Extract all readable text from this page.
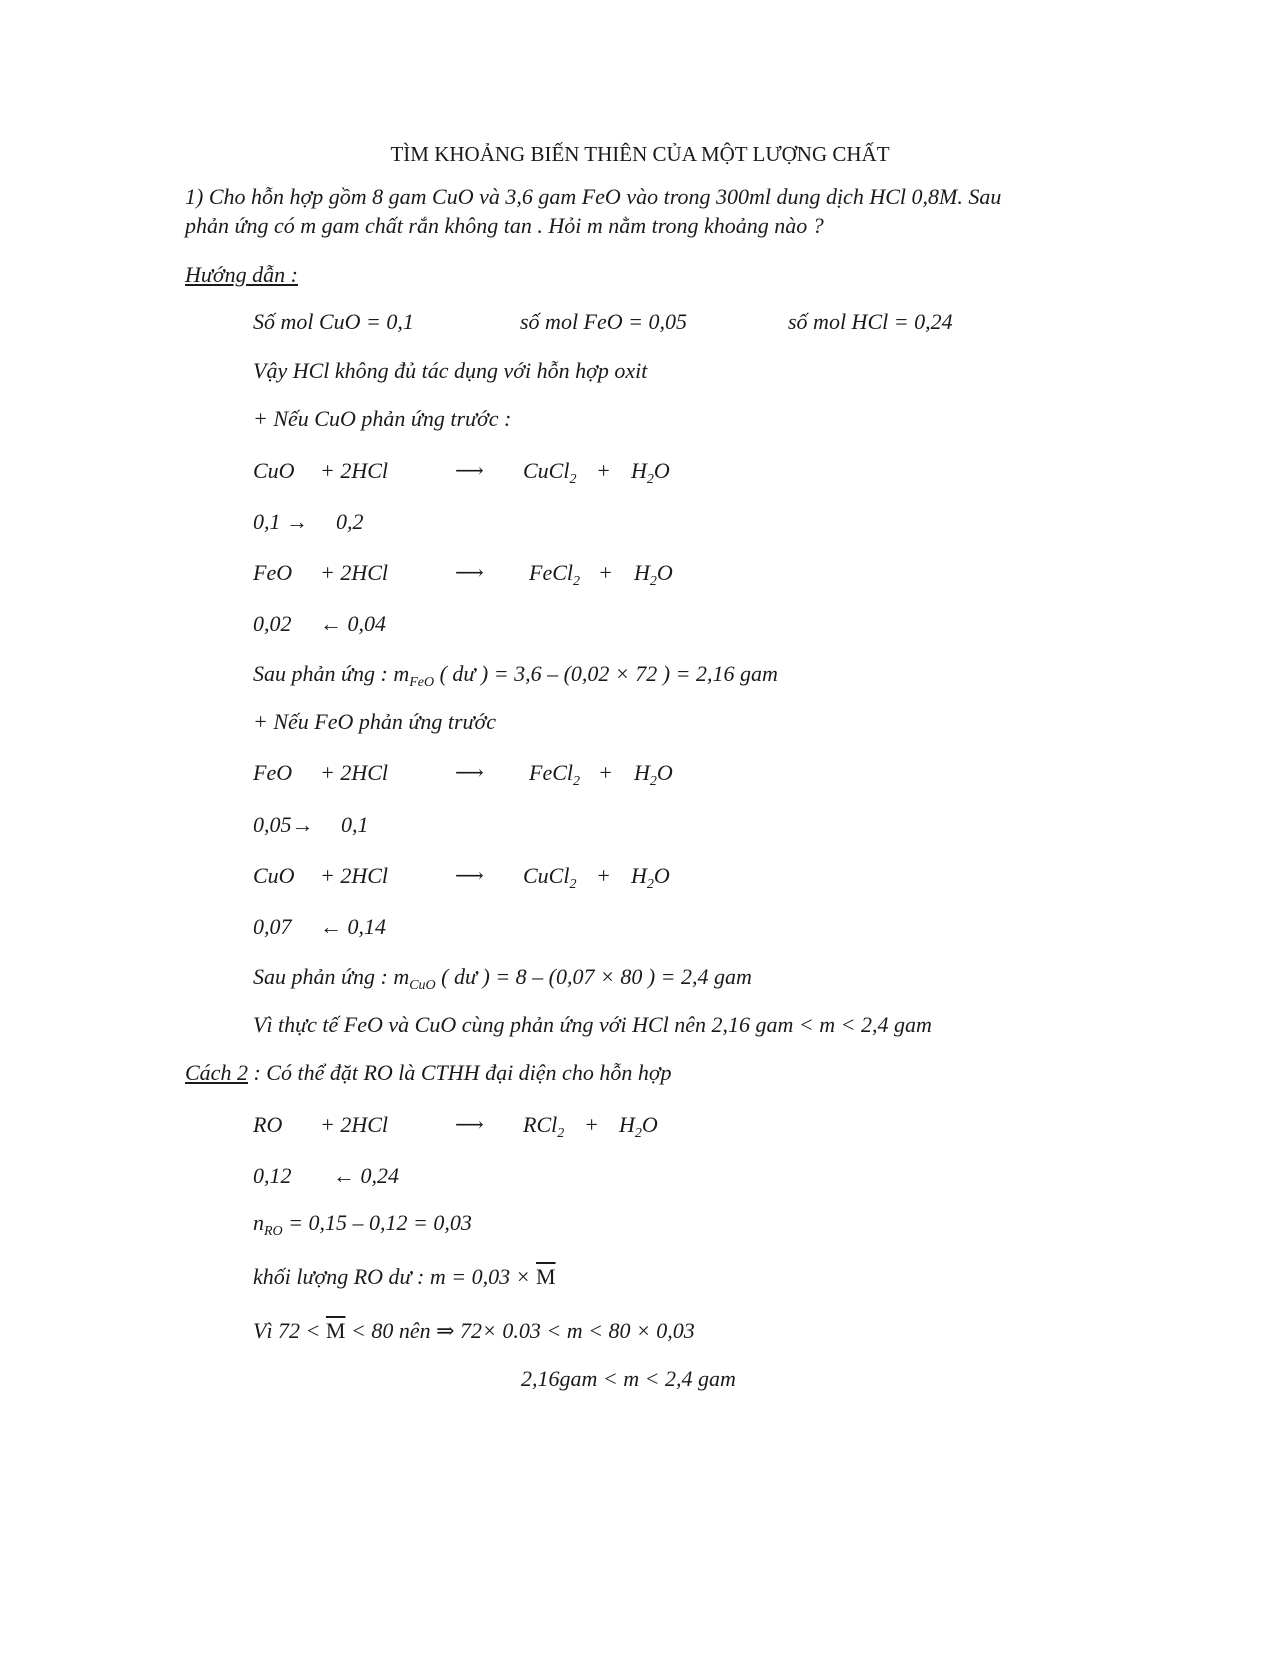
TÌM KHOẢNG BIẾN THIÊN CỦA MỘT LƯỢNG CHẤT
1) Cho hỗn hợp gồm 8 gam CuO và 3,6 gam FeO vào trong 300ml dung dịch HCl 0,8M. Sau
phản ứng có m gam chất rắn không tan . Hỏi m nằm trong khoảng nào ?
Hướng dẫn :
Số mol CuO = 0,1	số mol FeO = 0,05	số mol HCl = 0,24
Vậy HCl không đủ tác dụng với hỗn hợp oxit
+ Nếu CuO phản ứng trước :
CuO + 2HCl	⟶ CuCl$_2$ + $H_2O$
0,1 → 0,2
FeO + 2HCl	⟶ FeCl$_2$ + $H_2O$
0,02 ← 0,04
Sau phản ứng : $m_{FeO}$ ( dư ) = 3,6 – (0,02 × 72 ) = 2,16 gam
+ Nếu FeO phản ứng trước
FeO + 2HCl	⟶ FeCl$_2$ + $H_2O$
0,05→ 0,1
CuO + 2HCl	⟶ CuCl$_2$ + $H_2O$
0,07 ← 0,14
Sau phản ứng : $m_{CuO}$ ( dư ) = 8 – (0,07 × 80 ) = 2,4 gam
Vì thực tế FeO và CuO cùng phản ứng với HCl nên 2,16 gam < m < 2,4 gam
Cách 2 : Có thể đặt RO là CTHH đại diện cho hỗn hợp
RO + 2HCl	⟶ $RCl_2 + H_2O$
0,12 ← 0,24
$n_{RO} = 0,15 - 0,12 = 0,03$
khối lượng RO dư : $m = 0,03 \times \overline{M}$
Vì $72 < \overline{M} < 80$ nên ⇒ 72× 0.03 < m < 80 × 0,03
2,16gam < m < 2,4 gam
